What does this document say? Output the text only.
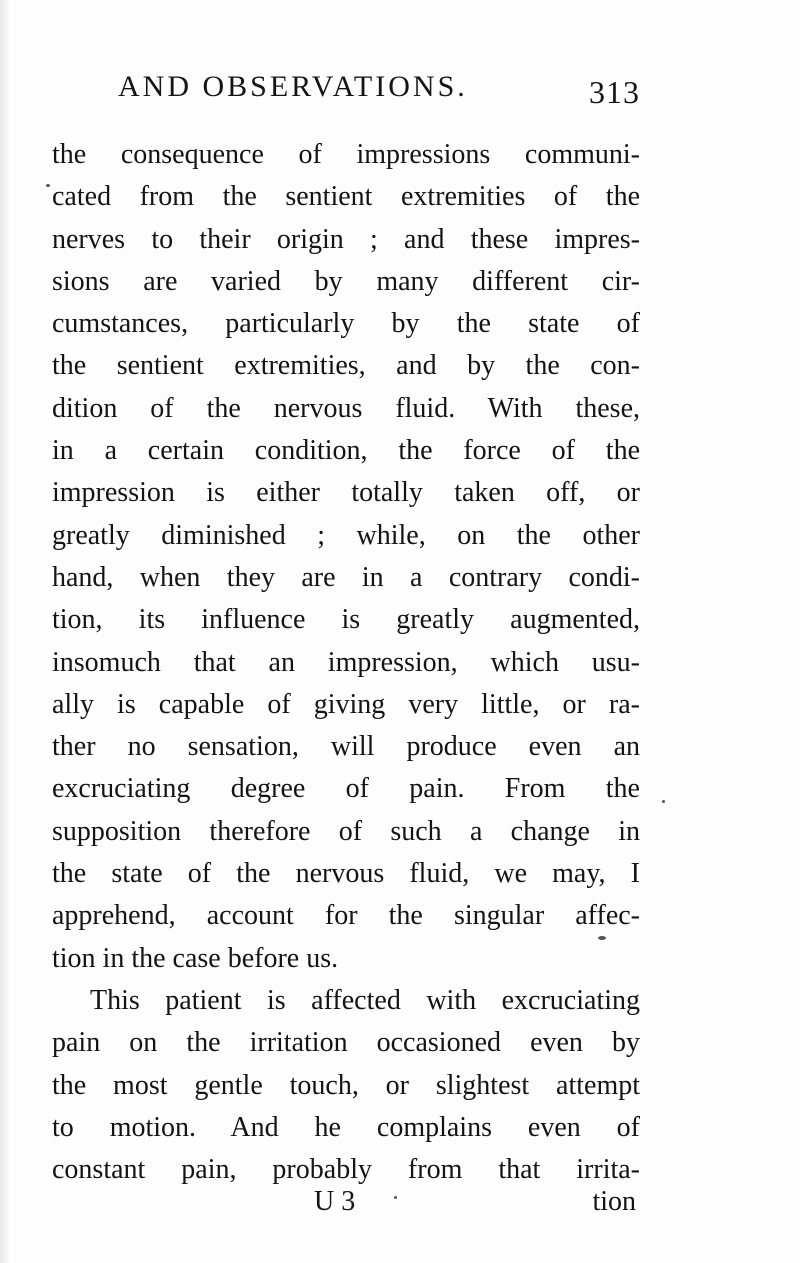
AND OBSERVATIONS.	313
the consequence of impressions communi-
cated from the sentient extremities of the
nerves to their origin ; and these impres-
sions are varied by many different cir-
cumstances, particularly by the state of
the sentient extremities, and by the con-
dition of the nervous fluid. With these,
in a certain condition, the force of the
impression is either totally taken off, or
greatly diminished ; while, on the other
hand, when they are in a contrary condi-
tion, its influence is greatly augmented,
insomuch that an impression, which usu-
ally is capable of giving very little, or ra-
ther no sensation, will produce even an
excruciating degree of pain. From the
supposition therefore of such a change in
the state of the nervous fluid, we may, I
apprehend, account for the singular affec-
tion in the case before us.
This patient is affected with excruciating
pain on the irritation occasioned even by
the most gentle touch, or slightest attempt
to motion. And he complains even of
constant pain, probably from that irrita-
U 3	tion
